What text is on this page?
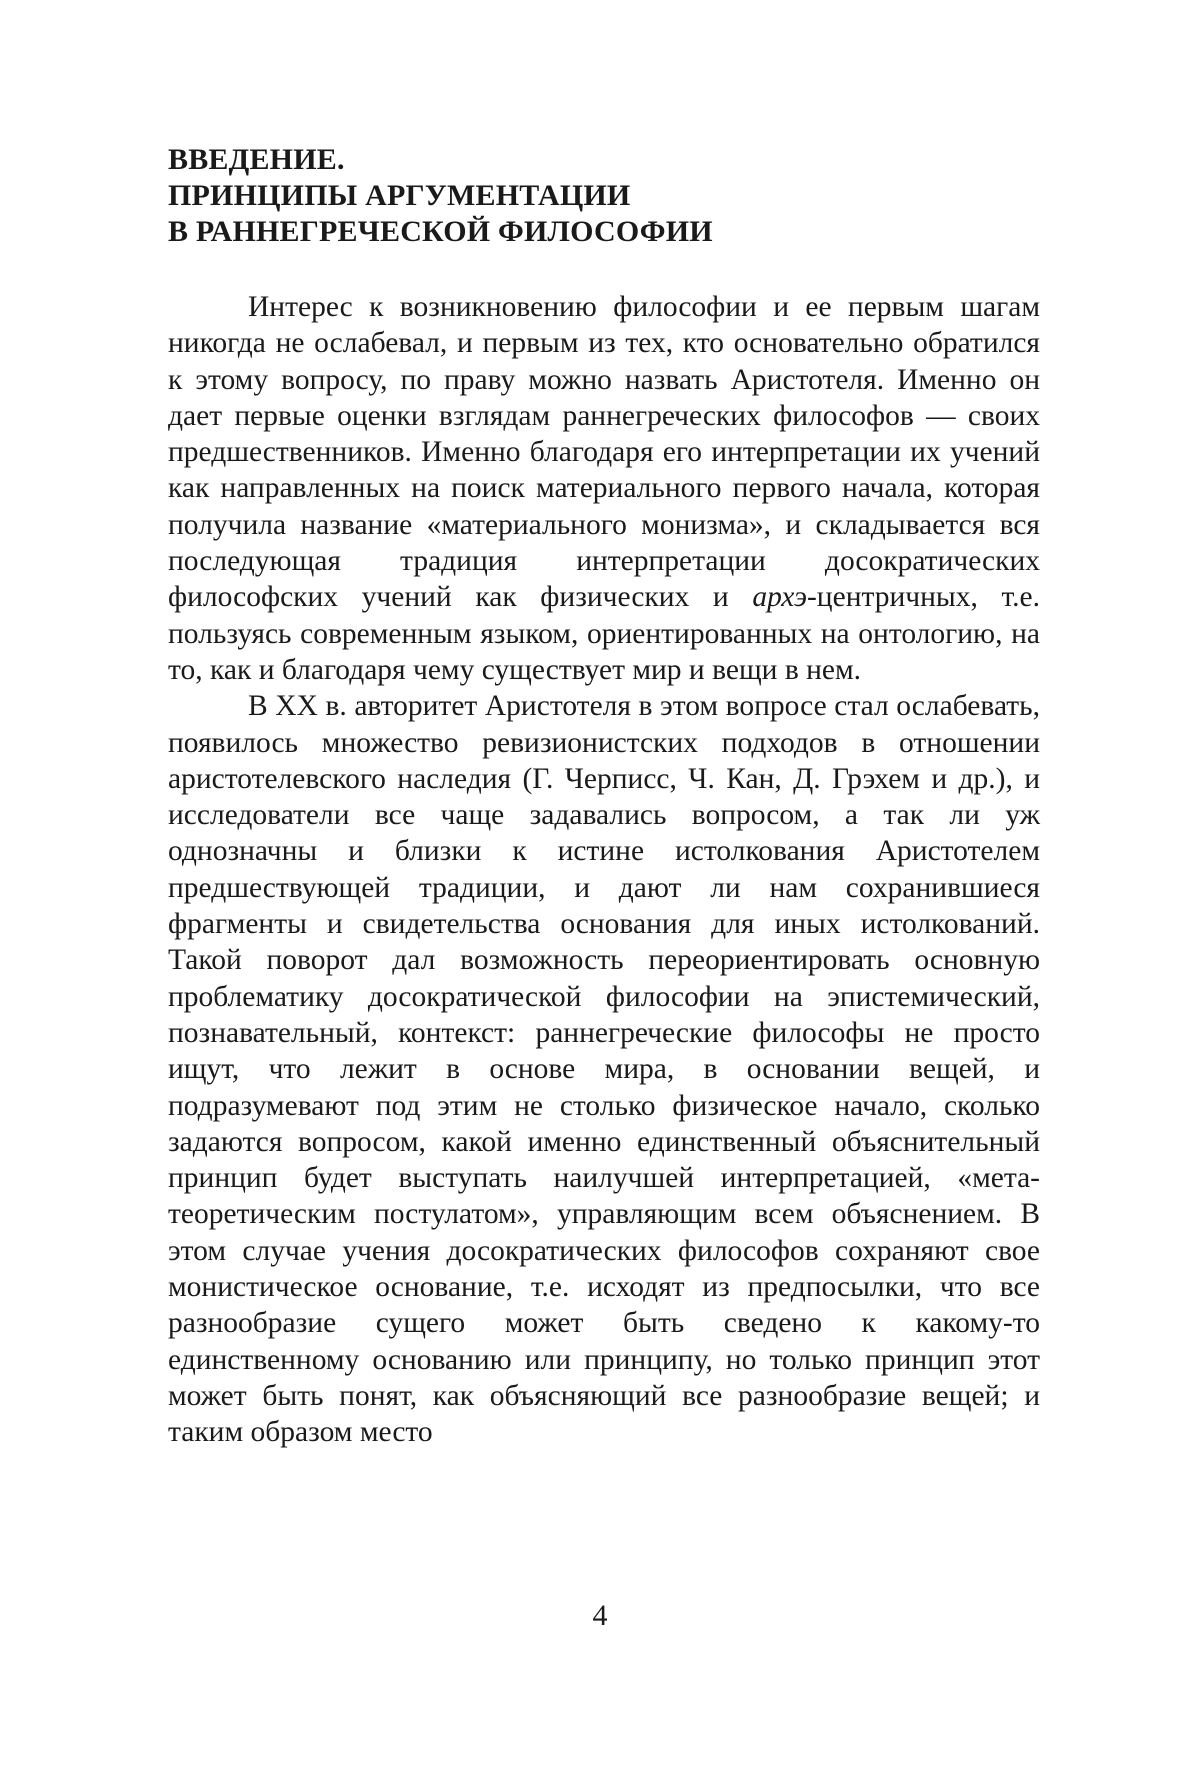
ВВЕДЕНИЕ.
ПРИНЦИПЫ АРГУМЕНТАЦИИ
В РАННЕГРЕЧЕСКОЙ ФИЛОСОФИИ

Интерес к возникновению философии и ее первым шагам никогда не ослабевал, и первым из тех, кто основательно обратился к этому вопросу, по праву можно назвать Аристотеля. Именно он дает первые оценки взглядам раннегреческих философов — своих предшественников. Именно благодаря его интерпретации их учений как направленных на поиск материального первого начала, которая получила название «материального монизма», и складывается вся последующая традиция интерпретации досократических философских учений как физических и архэ-центричных, т.е. пользуясь современным языком, ориентированных на онтологию, на то, как и благодаря чему существует мир и вещи в нем.

В XX в. авторитет Аристотеля в этом вопросе стал ослабевать, появилось множество ревизионистских подходов в отношении аристотелевского наследия (Г. Черписс, Ч. Кан, Д. Грэхем и др.), и исследователи все чаще задавались вопросом, а так ли уж однозначны и близки к истине истолкования Аристотелем предшествующей традиции, и дают ли нам сохранившиеся фрагменты и свидетельства основания для иных истолкований. Такой поворот дал возможность переориентировать основную проблематику досократической философии на эпистемический, познавательный, контекст: раннегреческие философы не просто ищут, что лежит в основе мира, в основании вещей, и подразумевают под этим не столько физическое начало, сколько задаются вопросом, какой именно единственный объяснительный принцип будет выступать наилучшей интерпретацией, «мета-теоретическим постулатом», управляющим всем объяснением. В этом случае учения досократических философов сохраняют свое монистическое основание, т.е. исходят из предпосылки, что все разнообразие сущего может быть сведено к какому-то единственному основанию или принципу, но только принцип этот может быть понят, как объясняющий все разнообразие вещей; и таким образом место

4
